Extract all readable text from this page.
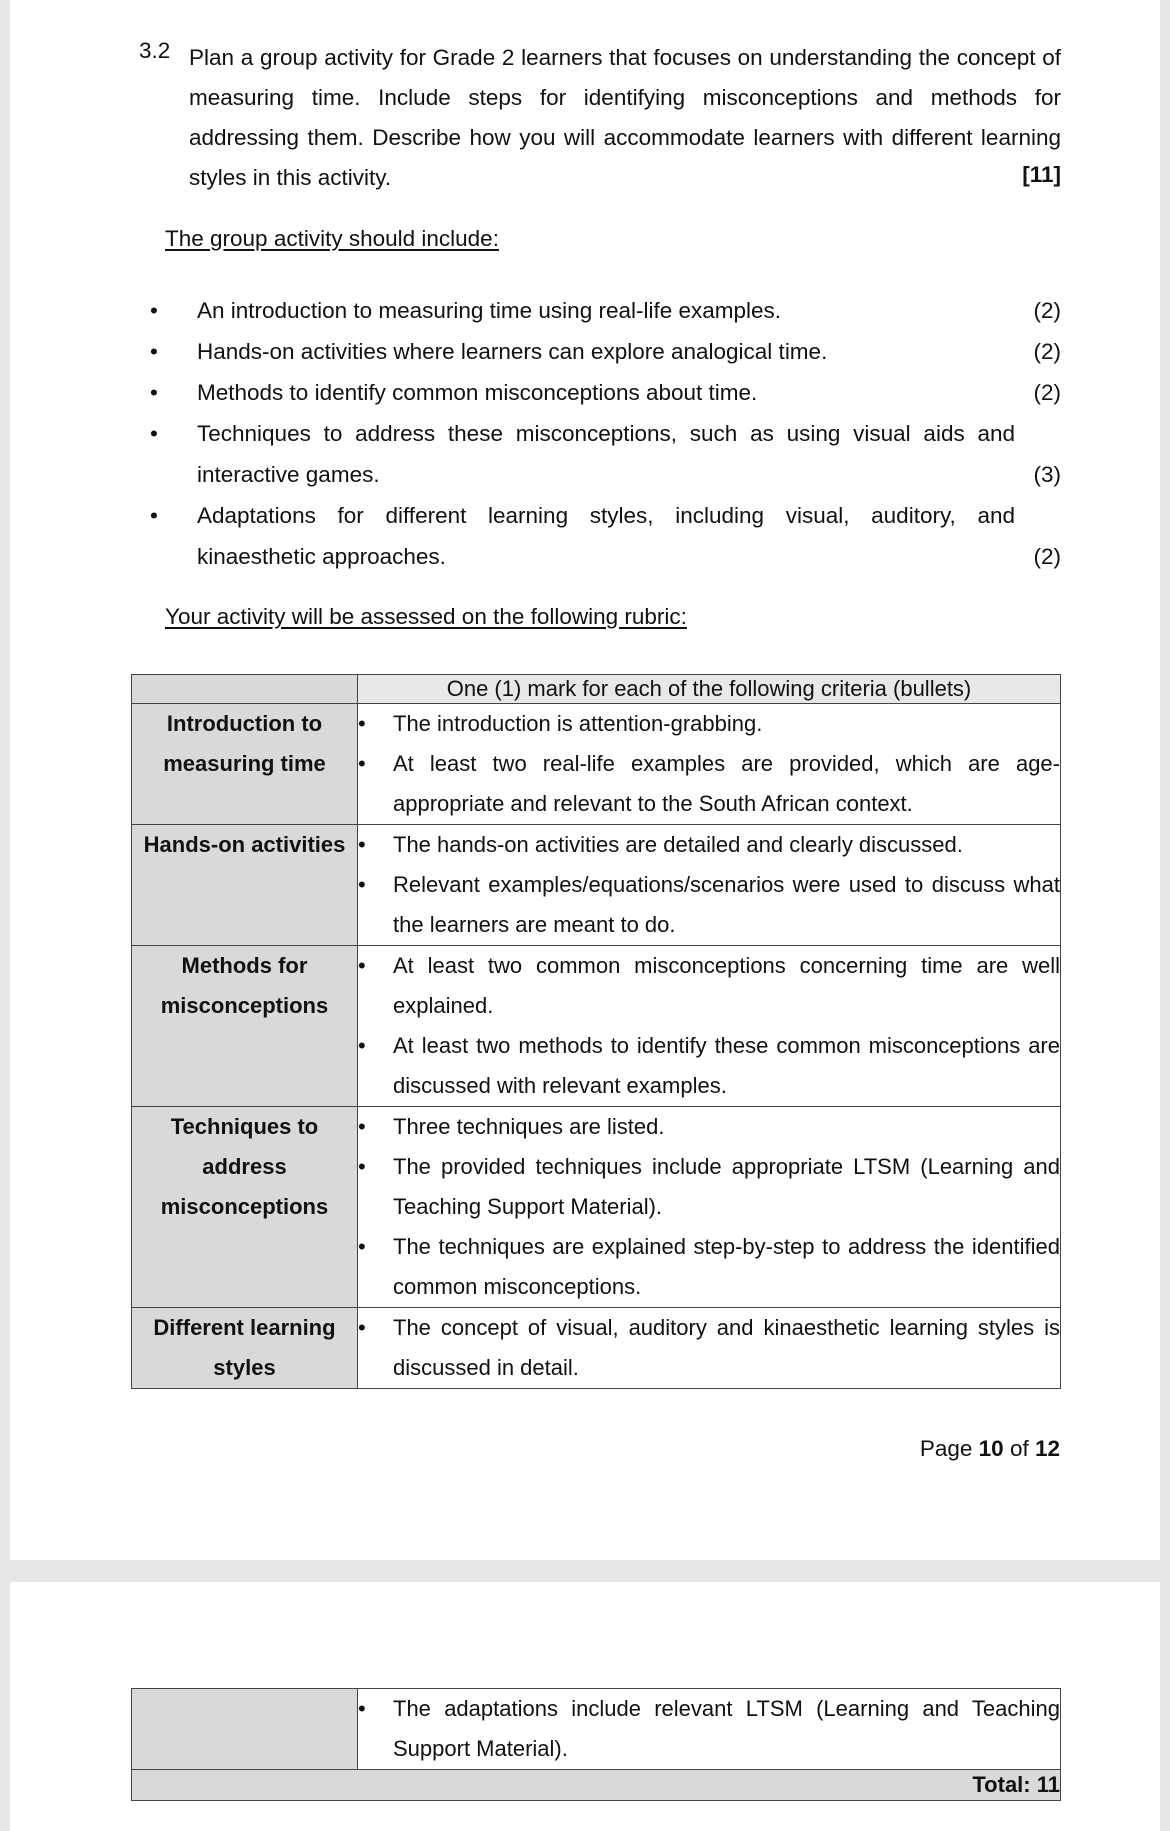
3.2 Plan a group activity for Grade 2 learners that focuses on understanding the concept of measuring time. Include steps for identifying misconceptions and methods for addressing them. Describe how you will accommodate learners with different learning styles in this activity.	[11]
The group activity should include:
• An introduction to measuring time using real-life examples.	(2)
• Hands-on activities where learners can explore analogical time.	(2)
• Methods to identify common misconceptions about time.	(2)
• Techniques to address these misconceptions, such as using visual aids and interactive games.	(3)
• Adaptations for different learning styles, including visual, auditory, and kinaesthetic approaches.	(2)
Your activity will be assessed on the following rubric:
	One (1) mark for each of the following criteria (bullets)
Introduction to measuring time	• The introduction is attention-grabbing.
• At least two real-life examples are provided, which are age-appropriate and relevant to the South African context.

Hands-on activities	• The hands-on activities are detailed and clearly discussed.
• Relevant examples/equations/scenarios were used to discuss what the learners are meant to do.

Methods for misconceptions	• At least two common misconceptions concerning time are well explained.
• At least two methods to identify these common misconceptions are discussed with relevant examples.

Techniques to address misconceptions	• Three techniques are listed.
• The provided techniques include appropriate LTSM (Learning and Teaching Support Material).
• The techniques are explained step-by-step to address the identified common misconceptions.

Different learning styles	• The concept of visual, auditory and kinaesthetic learning styles is discussed in detail.
Page 10 of 12

• The adaptations include relevant LTSM (Learning and Teaching Support Material).

Total: 11
